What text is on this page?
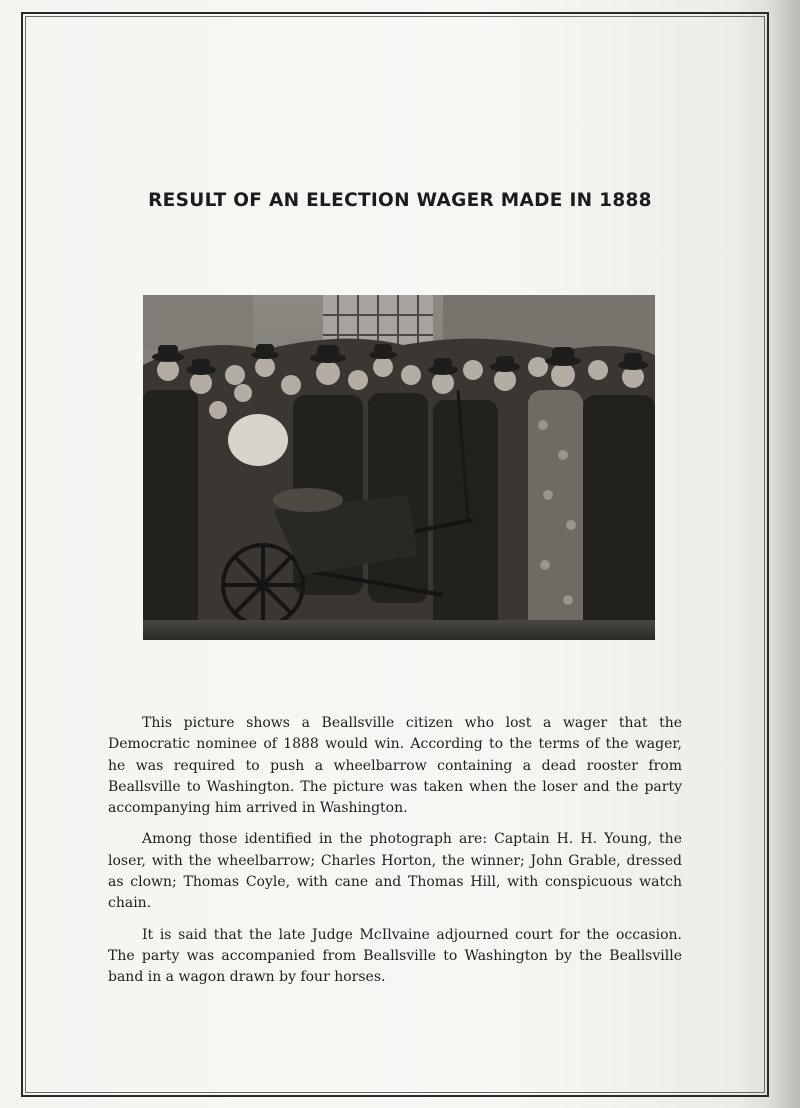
RESULT OF AN ELECTION WAGER MADE IN 1888

This picture shows a Beallsville citizen who lost a wager that the Democratic nominee of 1888 would win. According to the terms of the wager, he was required to push a wheelbarrow containing a dead rooster from Beallsville to Washington. The picture was taken when the loser and the party accompanying him arrived in Washington.

Among those identified in the photograph are: Captain H. H. Young, the loser, with the wheelbarrow; Charles Horton, the winner; John Grable, dressed as clown; Thomas Coyle, with cane and Thomas Hill, with conspicuous watch chain.

It is said that the late Judge McIlvaine adjourned court for the occasion. The party was accompanied from Beallsville to Washington by the Beallsville band in a wagon drawn by four horses.
